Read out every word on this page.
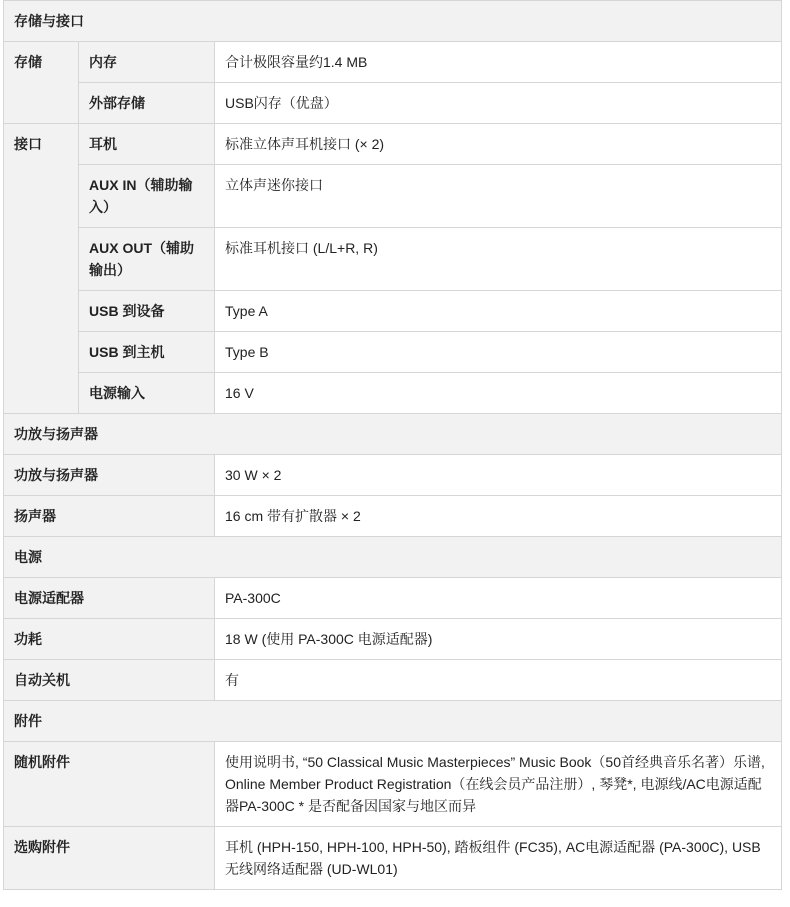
存储与接口		
存储	内存	合计极限容量约1.4 MB
	外部存储	USB闪存（优盘）
接口	耳机	标准立体声耳机接口 (× 2)
	AUX IN（辅助输入）	立体声迷你接口
	AUX OUT（辅助输出）	标准耳机接口 (L/L+R, R)
	USB 到设备	Type A
	USB 到主机	Type B
	电源输入	16 V
功放与扬声器		
功放与扬声器		30 W × 2
扬声器		16 cm 带有扩散器 × 2
电源		
电源适配器		PA-300C
功耗		18 W (使用 PA-300C 电源适配器)
自动关机		有
附件		
随机附件		使用说明书, “50 Classical Music Masterpieces” Music Book（50首经典音乐名著）乐谱, Online Member Product Registration（在线会员产品注册）, 琴凳*, 电源线/AC电源适配器PA-300C * 是否配备因国家与地区而异
选购附件		耳机 (HPH-150, HPH-100, HPH-50), 踏板组件 (FC35), AC电源适配器 (PA-300C), USB无线网络适配器 (UD-WL01)
